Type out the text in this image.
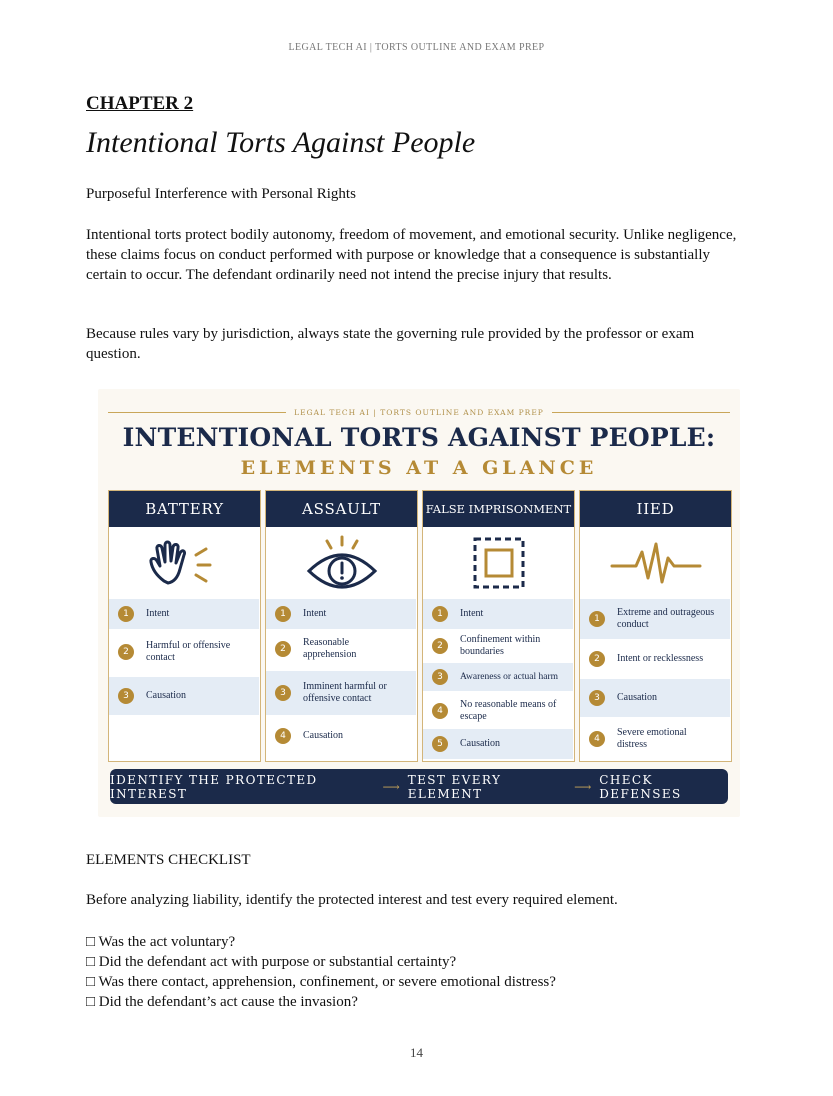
LEGAL TECH AI | TORTS OUTLINE AND EXAM PREP
CHAPTER 2
Intentional Torts Against People
Purposeful Interference with Personal Rights

Intentional torts protect bodily autonomy, freedom of movement, and emotional security. Unlike negligence, these claims focus on conduct performed with purpose or knowledge that a consequence is substantially certain to occur. The defendant ordinarily need not intend the precise injury that results.

Because rules vary by jurisdiction, always state the governing rule provided by the professor or exam question.

LEGAL TECH AI | TORTS OUTLINE AND EXAM PREP
INTENTIONAL TORTS AGAINST PEOPLE:
ELEMENTS AT A GLANCE
BATTERY
1	Intent
2
Harmful or offensive contact
3	Causation
ASSAULT
1	Intent
2
Reasonable apprehension
3
Imminent harmful or offensive contact
4	Causation
FALSE IMPRISONMENT
1	Intent
2
Confinement within boundaries
3	Awareness or actual harm
4
No reasonable means of escape
5	Causation
IIED
1
Extreme and outrageous conduct
2	Intent or recklessness
3	Causation
4
Severe emotional distress
IDENTIFY THE PROTECTED INTEREST	⟶ TEST EVERY ELEMENT	⟶ CHECK DEFENSES
ELEMENTS CHECKLIST
Before analyzing liability, identify the protected interest and test every required element.
□ Was the act voluntary?
□ Did the defendant act with purpose or substantial certainty?
□ Was there contact, apprehension, confinement, or severe emotional distress?
□ Did the defendant’s act cause the invasion?
14
